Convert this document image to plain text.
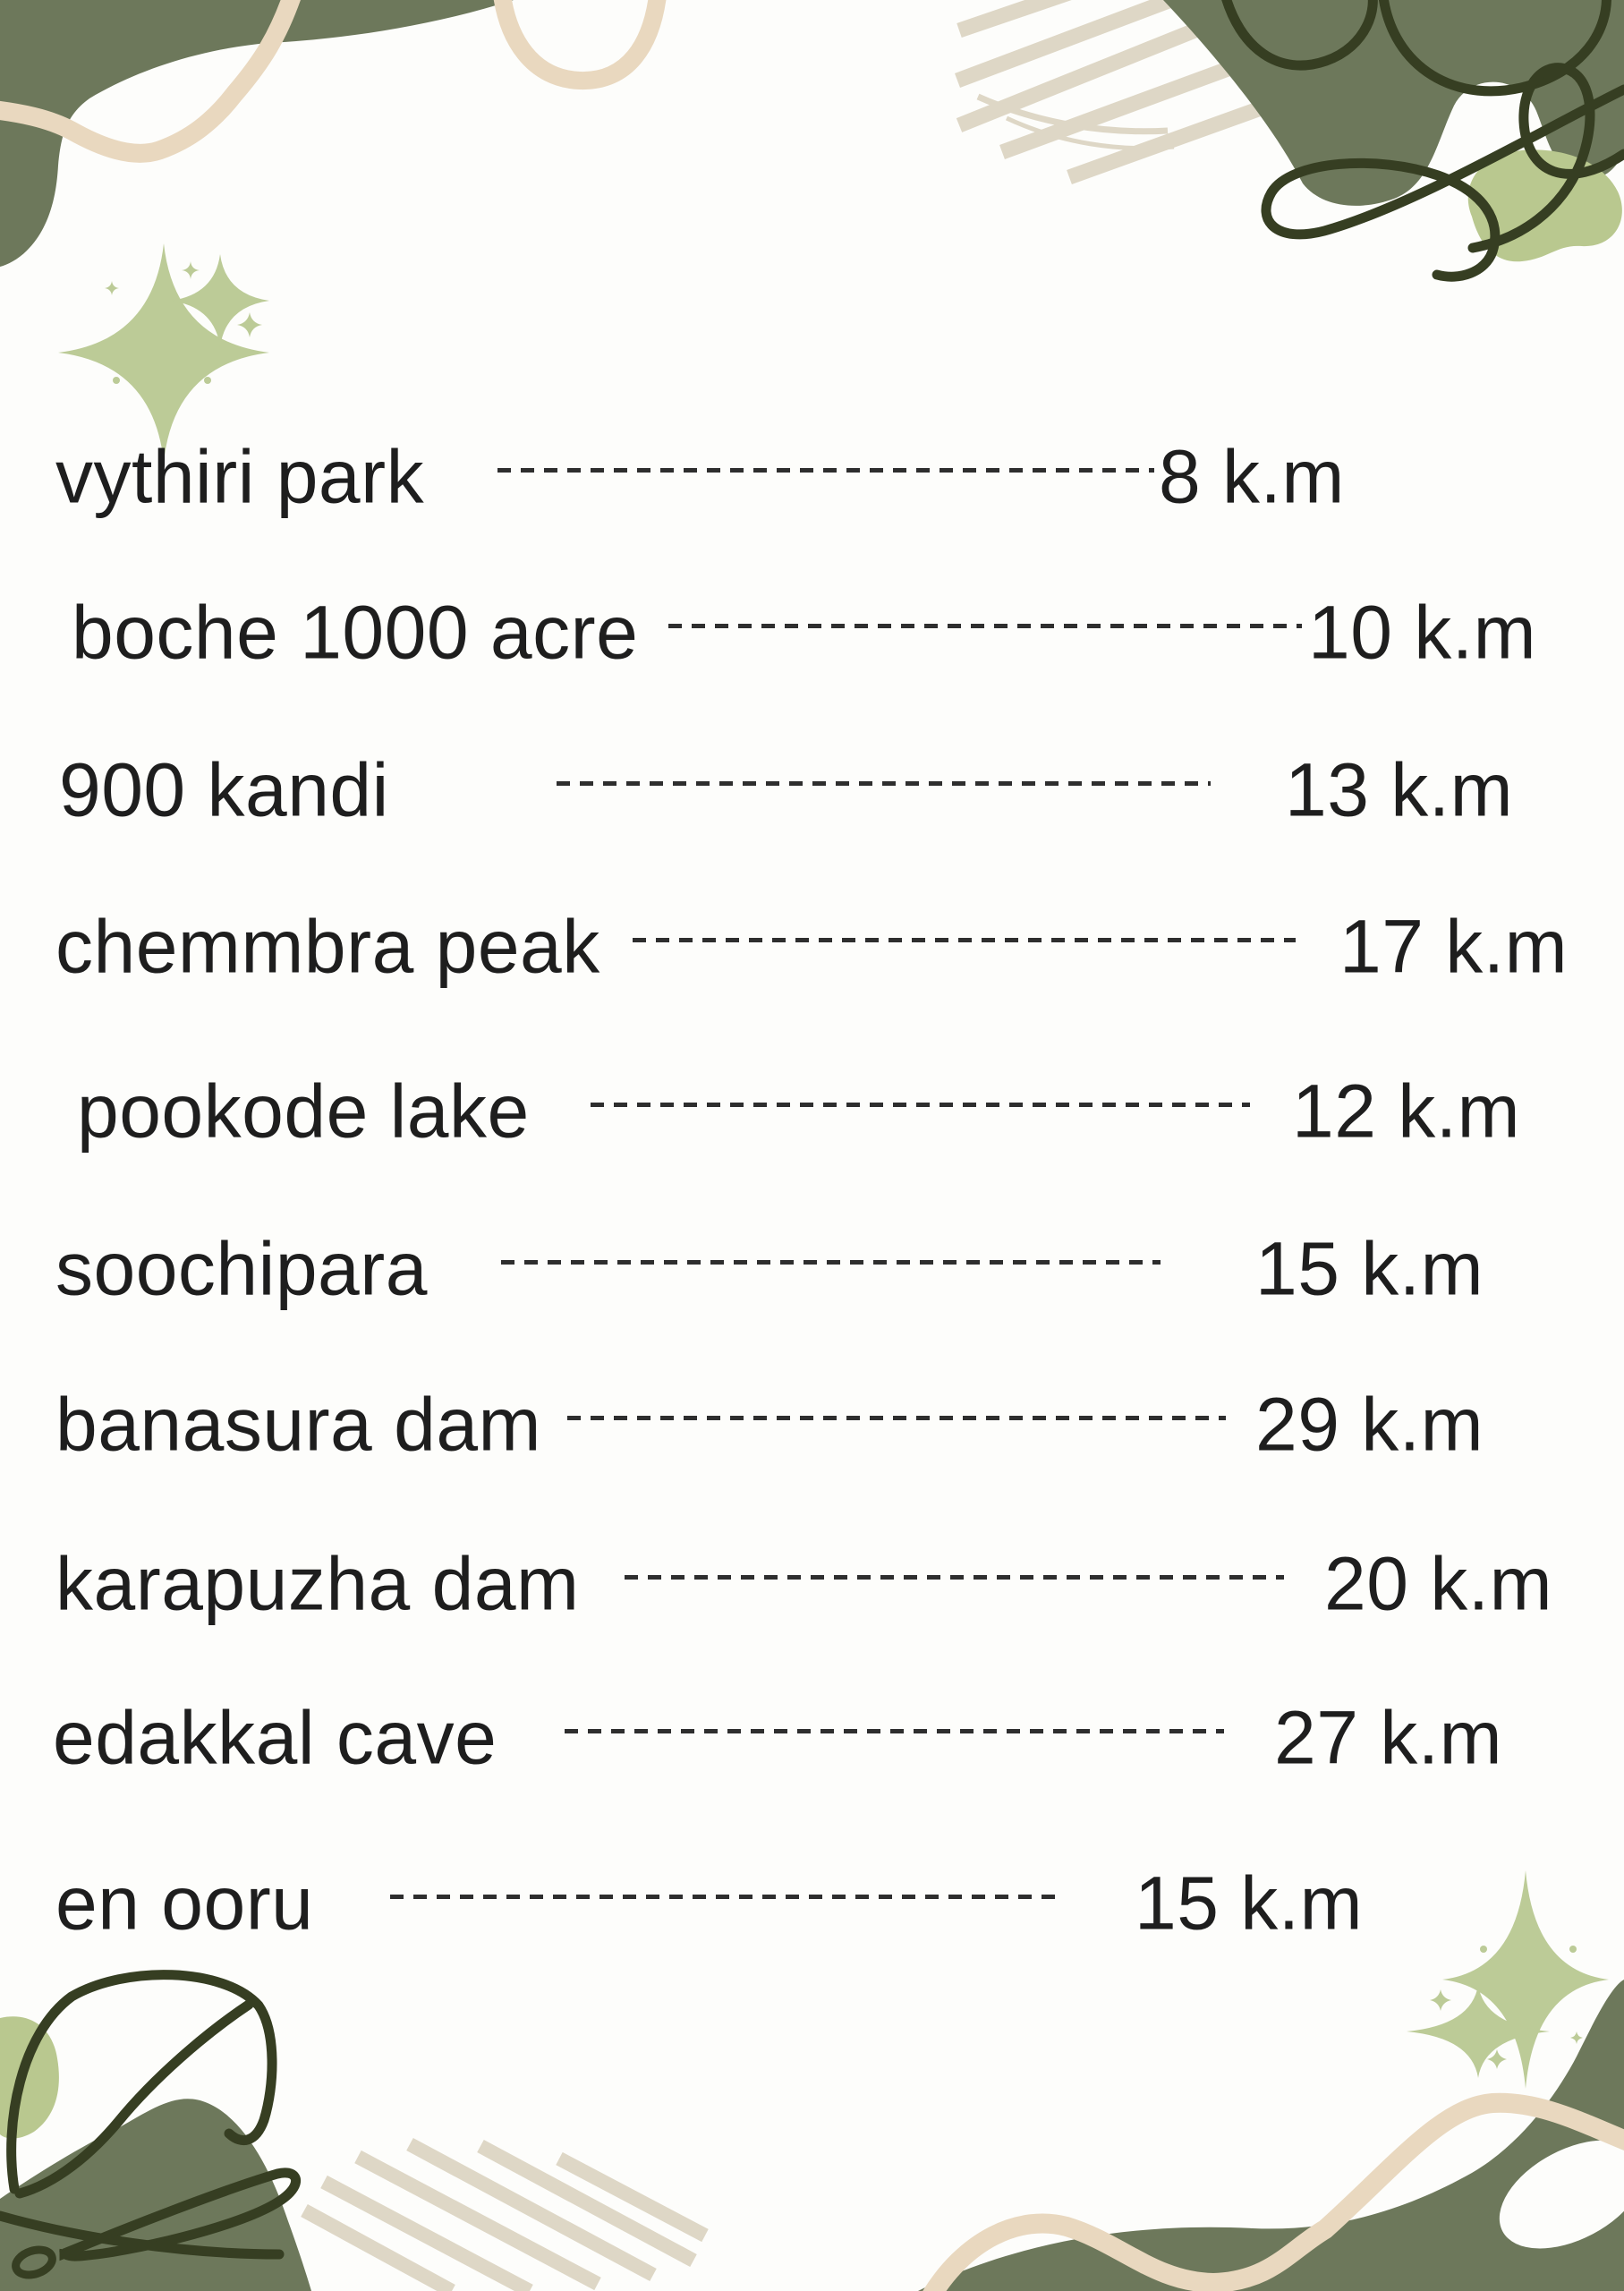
vythiri park	8 k.m
boche 1000 acre	10 k.m
900 kandi	13 k.m
chemmbra peak	17 k.m
pookode lake	12 k.m
soochipara	15 k.m
banasura dam	29 k.m
karapuzha dam	20 k.m
edakkal cave	27 k.m
en ooru	15 k.m
